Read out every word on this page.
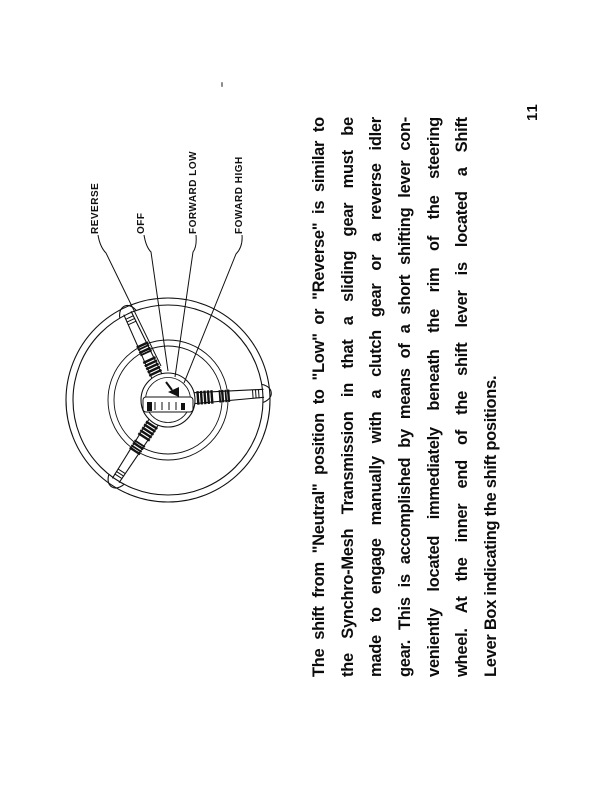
REVERSE	OFF	FORWARD LOW	FOWARD HIGH
The
shift
from
"Neutral"
position
to
"Low"
or
"Reverse"
is
similar
to
the
Synchro-Mesh
Transmission
in
that
a
sliding
gear
must
be
made
to
engage
manually
with
a
clutch
gear
or
a
reverse
idler
gear.
This
is
accomplished
by
means
of
a
short
shifting
lever
con-
veniently
located
immediately
beneath
the
rim
of
the
steering
wheel.
At
the
inner
end
of
the
shift
lever
is
located
a
Shift
Lever Box indicating the shift positions.
11
